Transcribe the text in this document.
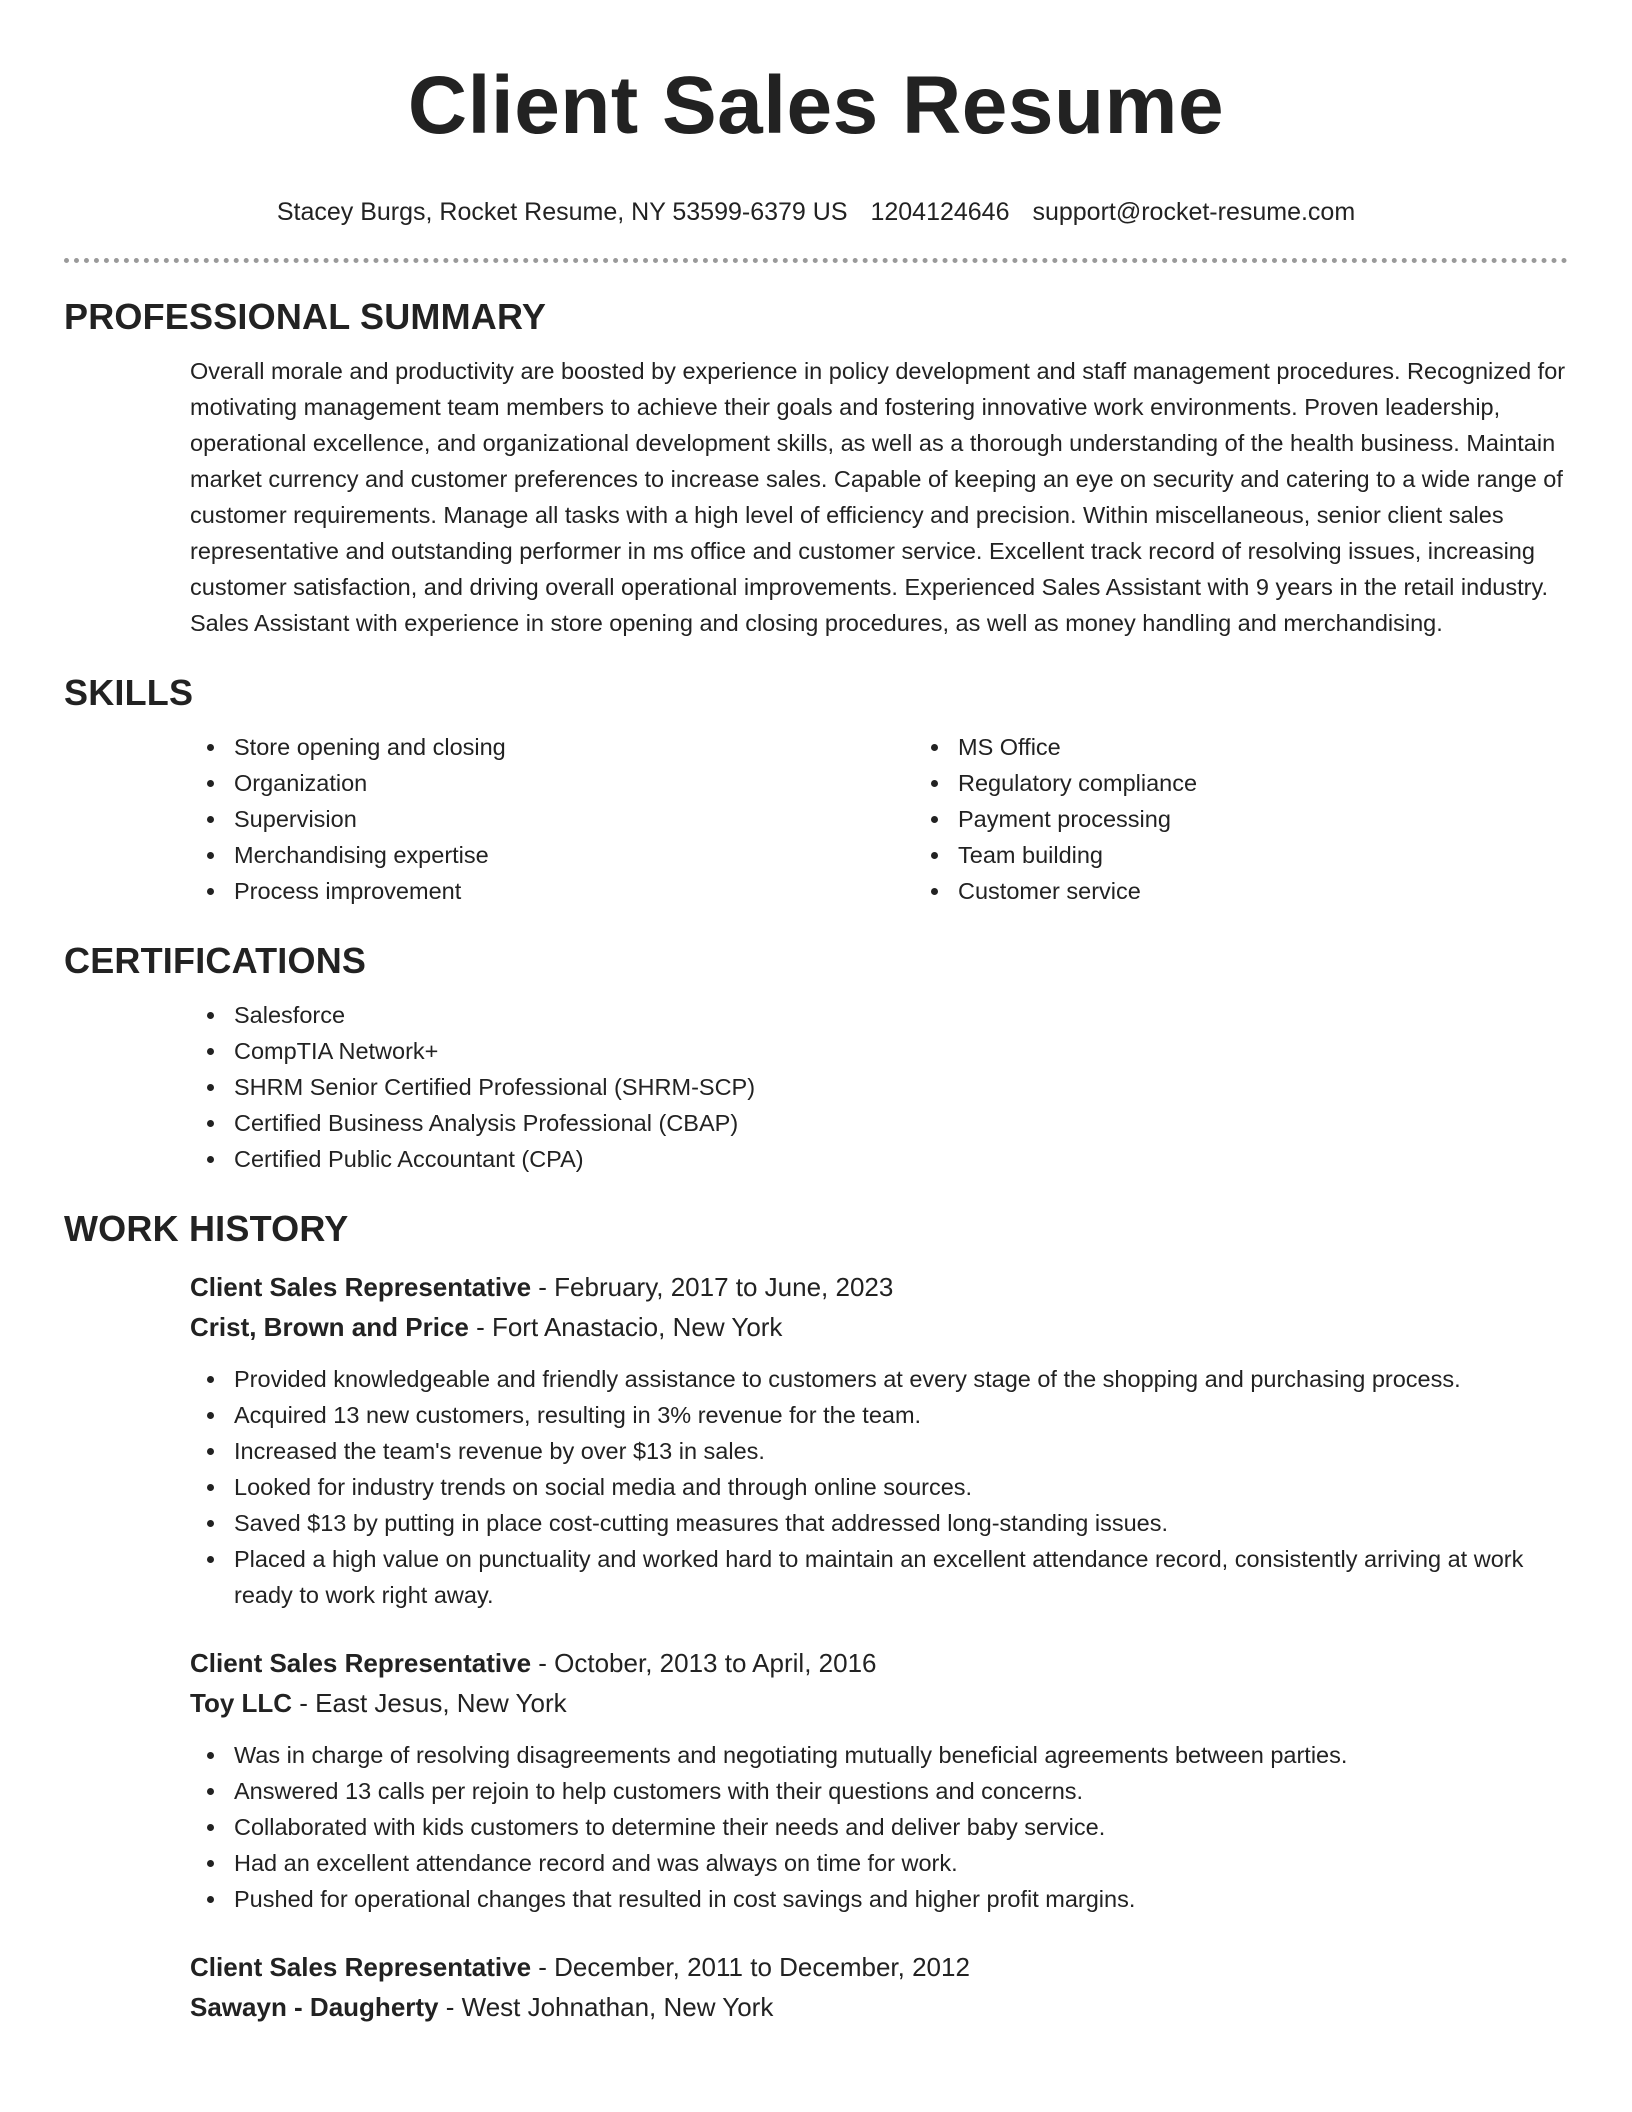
Client Sales Resume
Stacey Burgs, Rocket Resume, NY 53599-6379 US 1204124646 support@rocket-resume.com
PROFESSIONAL SUMMARY

Overall morale and productivity are boosted by experience in policy development and staff management procedures. Recognized for motivating management team members to achieve their goals and fostering innovative work environments. Proven leadership, operational excellence, and organizational development skills, as well as a thorough understanding of the health business. Maintain market currency and customer preferences to increase sales. Capable of keeping an eye on security and catering to a wide range of customer requirements. Manage all tasks with a high level of efficiency and precision. Within miscellaneous, senior client sales representative and outstanding performer in ms office and customer service. Excellent track record of resolving issues, increasing customer satisfaction, and driving overall operational improvements. Experienced Sales Assistant with 9 years in the retail industry. Sales Assistant with experience in store opening and closing procedures, as well as money handling and merchandising.

SKILLS
Store opening and closing
Organization
Supervision
Merchandising expertise
Process improvement
MS Office
Regulatory compliance
Payment processing
Team building
Customer service
CERTIFICATIONS
Salesforce
CompTIA Network+
SHRM Senior Certified Professional (SHRM-SCP)
Certified Business Analysis Professional (CBAP)
Certified Public Accountant (CPA)
WORK HISTORY
Client Sales Representative - February, 2017 to June, 2023
Crist, Brown and Price - Fort Anastacio, New York
Provided knowledgeable and friendly assistance to customers at every stage of the shopping and purchasing process.
Acquired 13 new customers, resulting in 3% revenue for the team.
Increased the team's revenue by over $13 in sales.
Looked for industry trends on social media and through online sources.
Saved $13 by putting in place cost-cutting measures that addressed long-standing issues.
Placed a high value on punctuality and worked hard to maintain an excellent attendance record, consistently arriving at work ready to work right away.
Client Sales Representative - October, 2013 to April, 2016
Toy LLC - East Jesus, New York
Was in charge of resolving disagreements and negotiating mutually beneficial agreements between parties.
Answered 13 calls per rejoin to help customers with their questions and concerns.
Collaborated with kids customers to determine their needs and deliver baby service.
Had an excellent attendance record and was always on time for work.
Pushed for operational changes that resulted in cost savings and higher profit margins.
Client Sales Representative - December, 2011 to December, 2012
Sawayn - Daugherty - West Johnathan, New York
